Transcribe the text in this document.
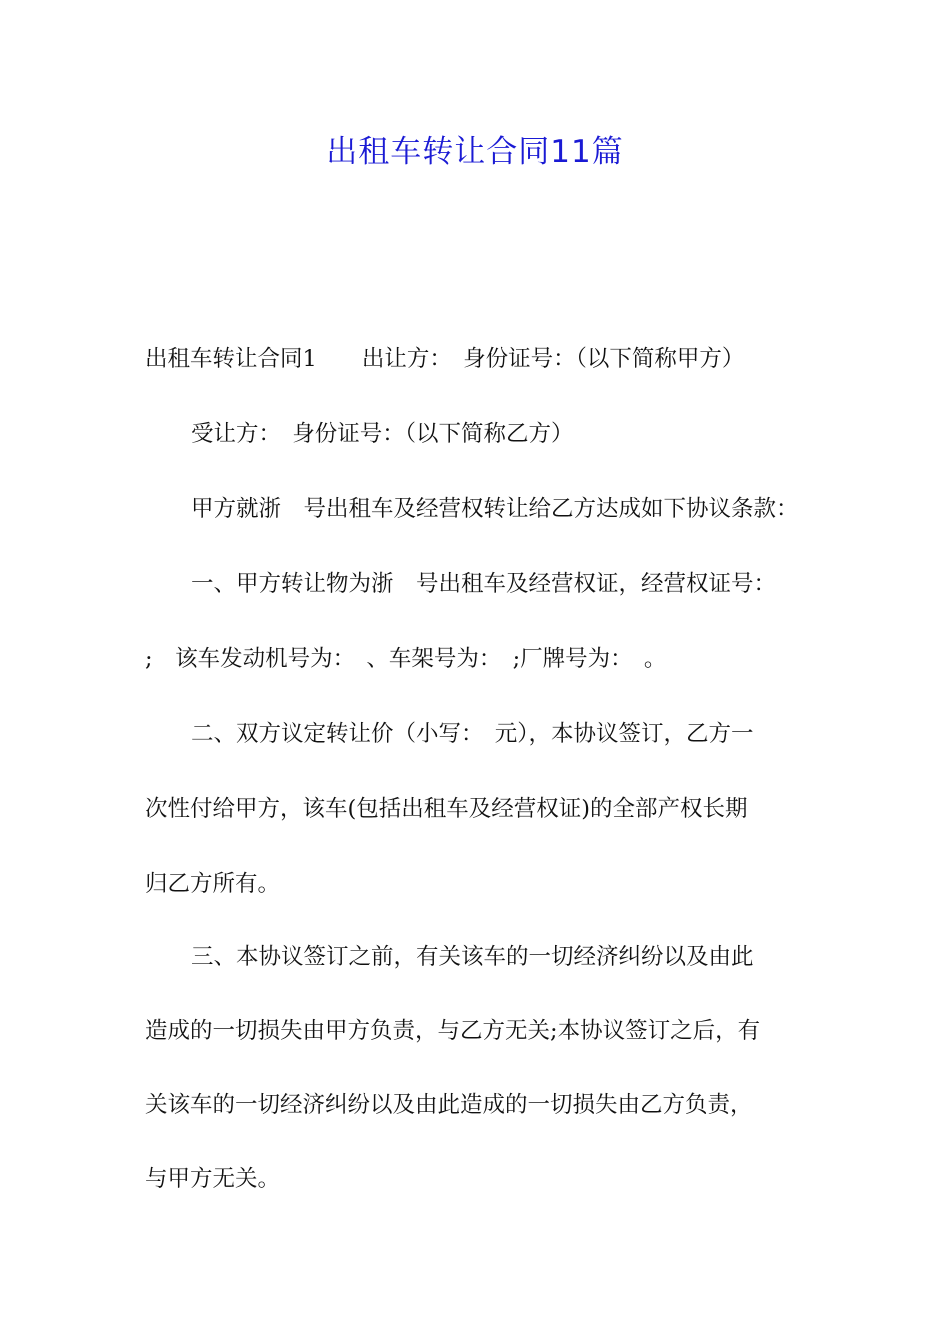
出租车转让合同11篇
出租车转让合同1　　出让方：　身份证号：（以下简称甲方）
受让方：　身份证号：（以下简称乙方）
甲方就浙　号出租车及经营权转让给乙方达成如下协议条款：
一、甲方转让物为浙　号出租车及经营权证，经营权证号：
;　该车发动机号为：　、车架号为：　;厂牌号为：　。
二、双方议定转让价（小写：　元），本协议签订，乙方一
次性付给甲方，该车(包括出租车及经营权证)的全部产权长期
归乙方所有。
三、本协议签订之前，有关该车的一切经济纠纷以及由此
造成的一切损失由甲方负责，与乙方无关;本协议签订之后，有
关该车的一切经济纠纷以及由此造成的一切损失由乙方负责，
与甲方无关。
